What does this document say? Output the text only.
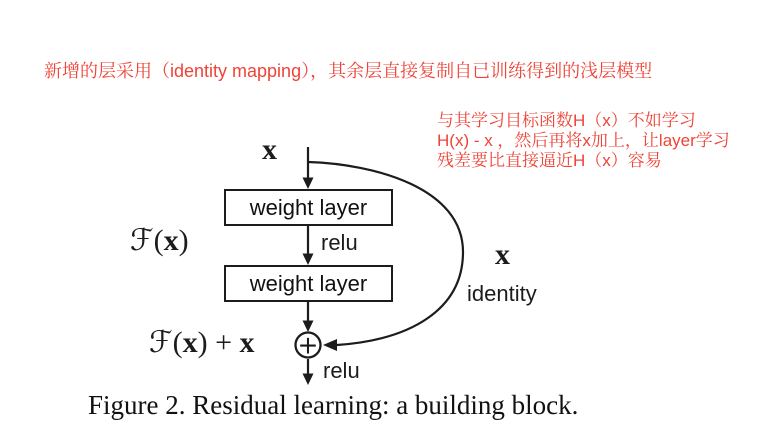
新增的层采用（identity mapping），其余层直接复制自已训练得到的浅层模型
与其学习目标函数H（x）不如学习
H(x) - x ，然后再将x加上，让layer学习
残差要比直接逼近H（x）容易
+
x
weight layer
relu
ℱ(x)
weight layer
ℱ(x) + x
x
identity
relu
Figure 2. Residual learning: a building block.
